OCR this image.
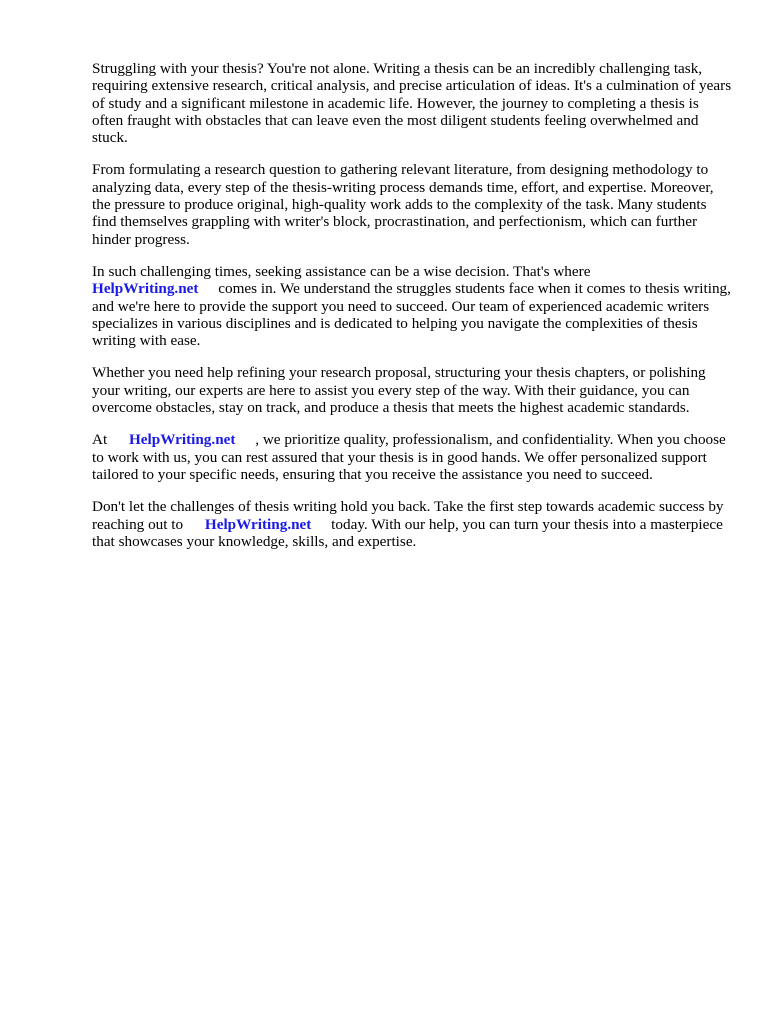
Struggling with your thesis? You're not alone. Writing a thesis can be an incredibly challenging task, requiring extensive research, critical analysis, and precise articulation of ideas. It's a culmination of years of study and a significant milestone in academic life. However, the journey to completing a thesis is often fraught with obstacles that can leave even the most diligent students feeling overwhelmed and stuck.

From formulating a research question to gathering relevant literature, from designing methodology to analyzing data, every step of the thesis-writing process demands time, effort, and expertise. Moreover, the pressure to produce original, high-quality work adds to the complexity of the task. Many students find themselves grappling with writer's block, procrastination, and perfectionism, which can further hinder progress.

In such challenging times, seeking assistance can be a wise decision. That's where
HelpWriting.net comes in. We understand the struggles students face when it comes to thesis writing, and we're here to provide the support you need to succeed. Our team of experienced academic writers specializes in various disciplines and is dedicated to helping you navigate the complexities of thesis writing with ease.

Whether you need help refining your research proposal, structuring your thesis chapters, or polishing your writing, our experts are here to assist you every step of the way. With their guidance, you can overcome obstacles, stay on track, and produce a thesis that meets the highest academic standards.

At HelpWriting.net , we prioritize quality, professionalism, and confidentiality. When you choose to work with us, you can rest assured that your thesis is in good hands. We offer personalized support tailored to your specific needs, ensuring that you receive the assistance you need to succeed.

Don't let the challenges of thesis writing hold you back. Take the first step towards academic success by reaching out to HelpWriting.net today. With our help, you can turn your thesis into a masterpiece that showcases your knowledge, skills, and expertise.
